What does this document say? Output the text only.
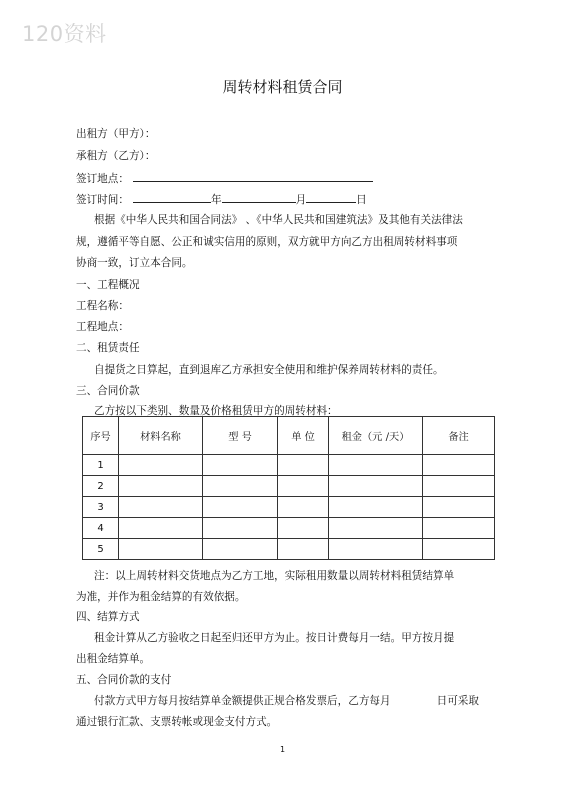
120资料
周转材料租赁合同
出租方（甲方）：
承租方（乙方）：
签订地点：
签订时间：	年	月	日
根据《中华人民共和国合同法》 、《中华人民共和国建筑法》及其他有关法律法
规，遵循平等自愿、公正和诚实信用的原则，双方就甲方向乙方出租周转材料事项
协商一致，订立本合同。
一、工程概况
工程名称：
工程地点：
二、租赁责任
自提货之日算起，直到退库乙方承担安全使用和维护保养周转材料的责任。
三、合同价款
乙方按以下类别、数量及价格租赁甲方的周转材料：
序号	材料名称	型 号	单 位	租金（元 /天）	备注
1					
2					
3					
4					
5					
注：以上周转材料交货地点为乙方工地，实际租用数量以周转材料租赁结算单
为准，并作为租金结算的有效依据。
四、结算方式
租金计算从乙方验收之日起至归还甲方为止。按日计费每月一结。甲方按月提
出租金结算单。
五、合同价款的支付
付款方式甲方每月按结算单金额提供正规合格发票后，乙方每月	日可采取
通过银行汇款、支票转帐或现金支付方式。
1
